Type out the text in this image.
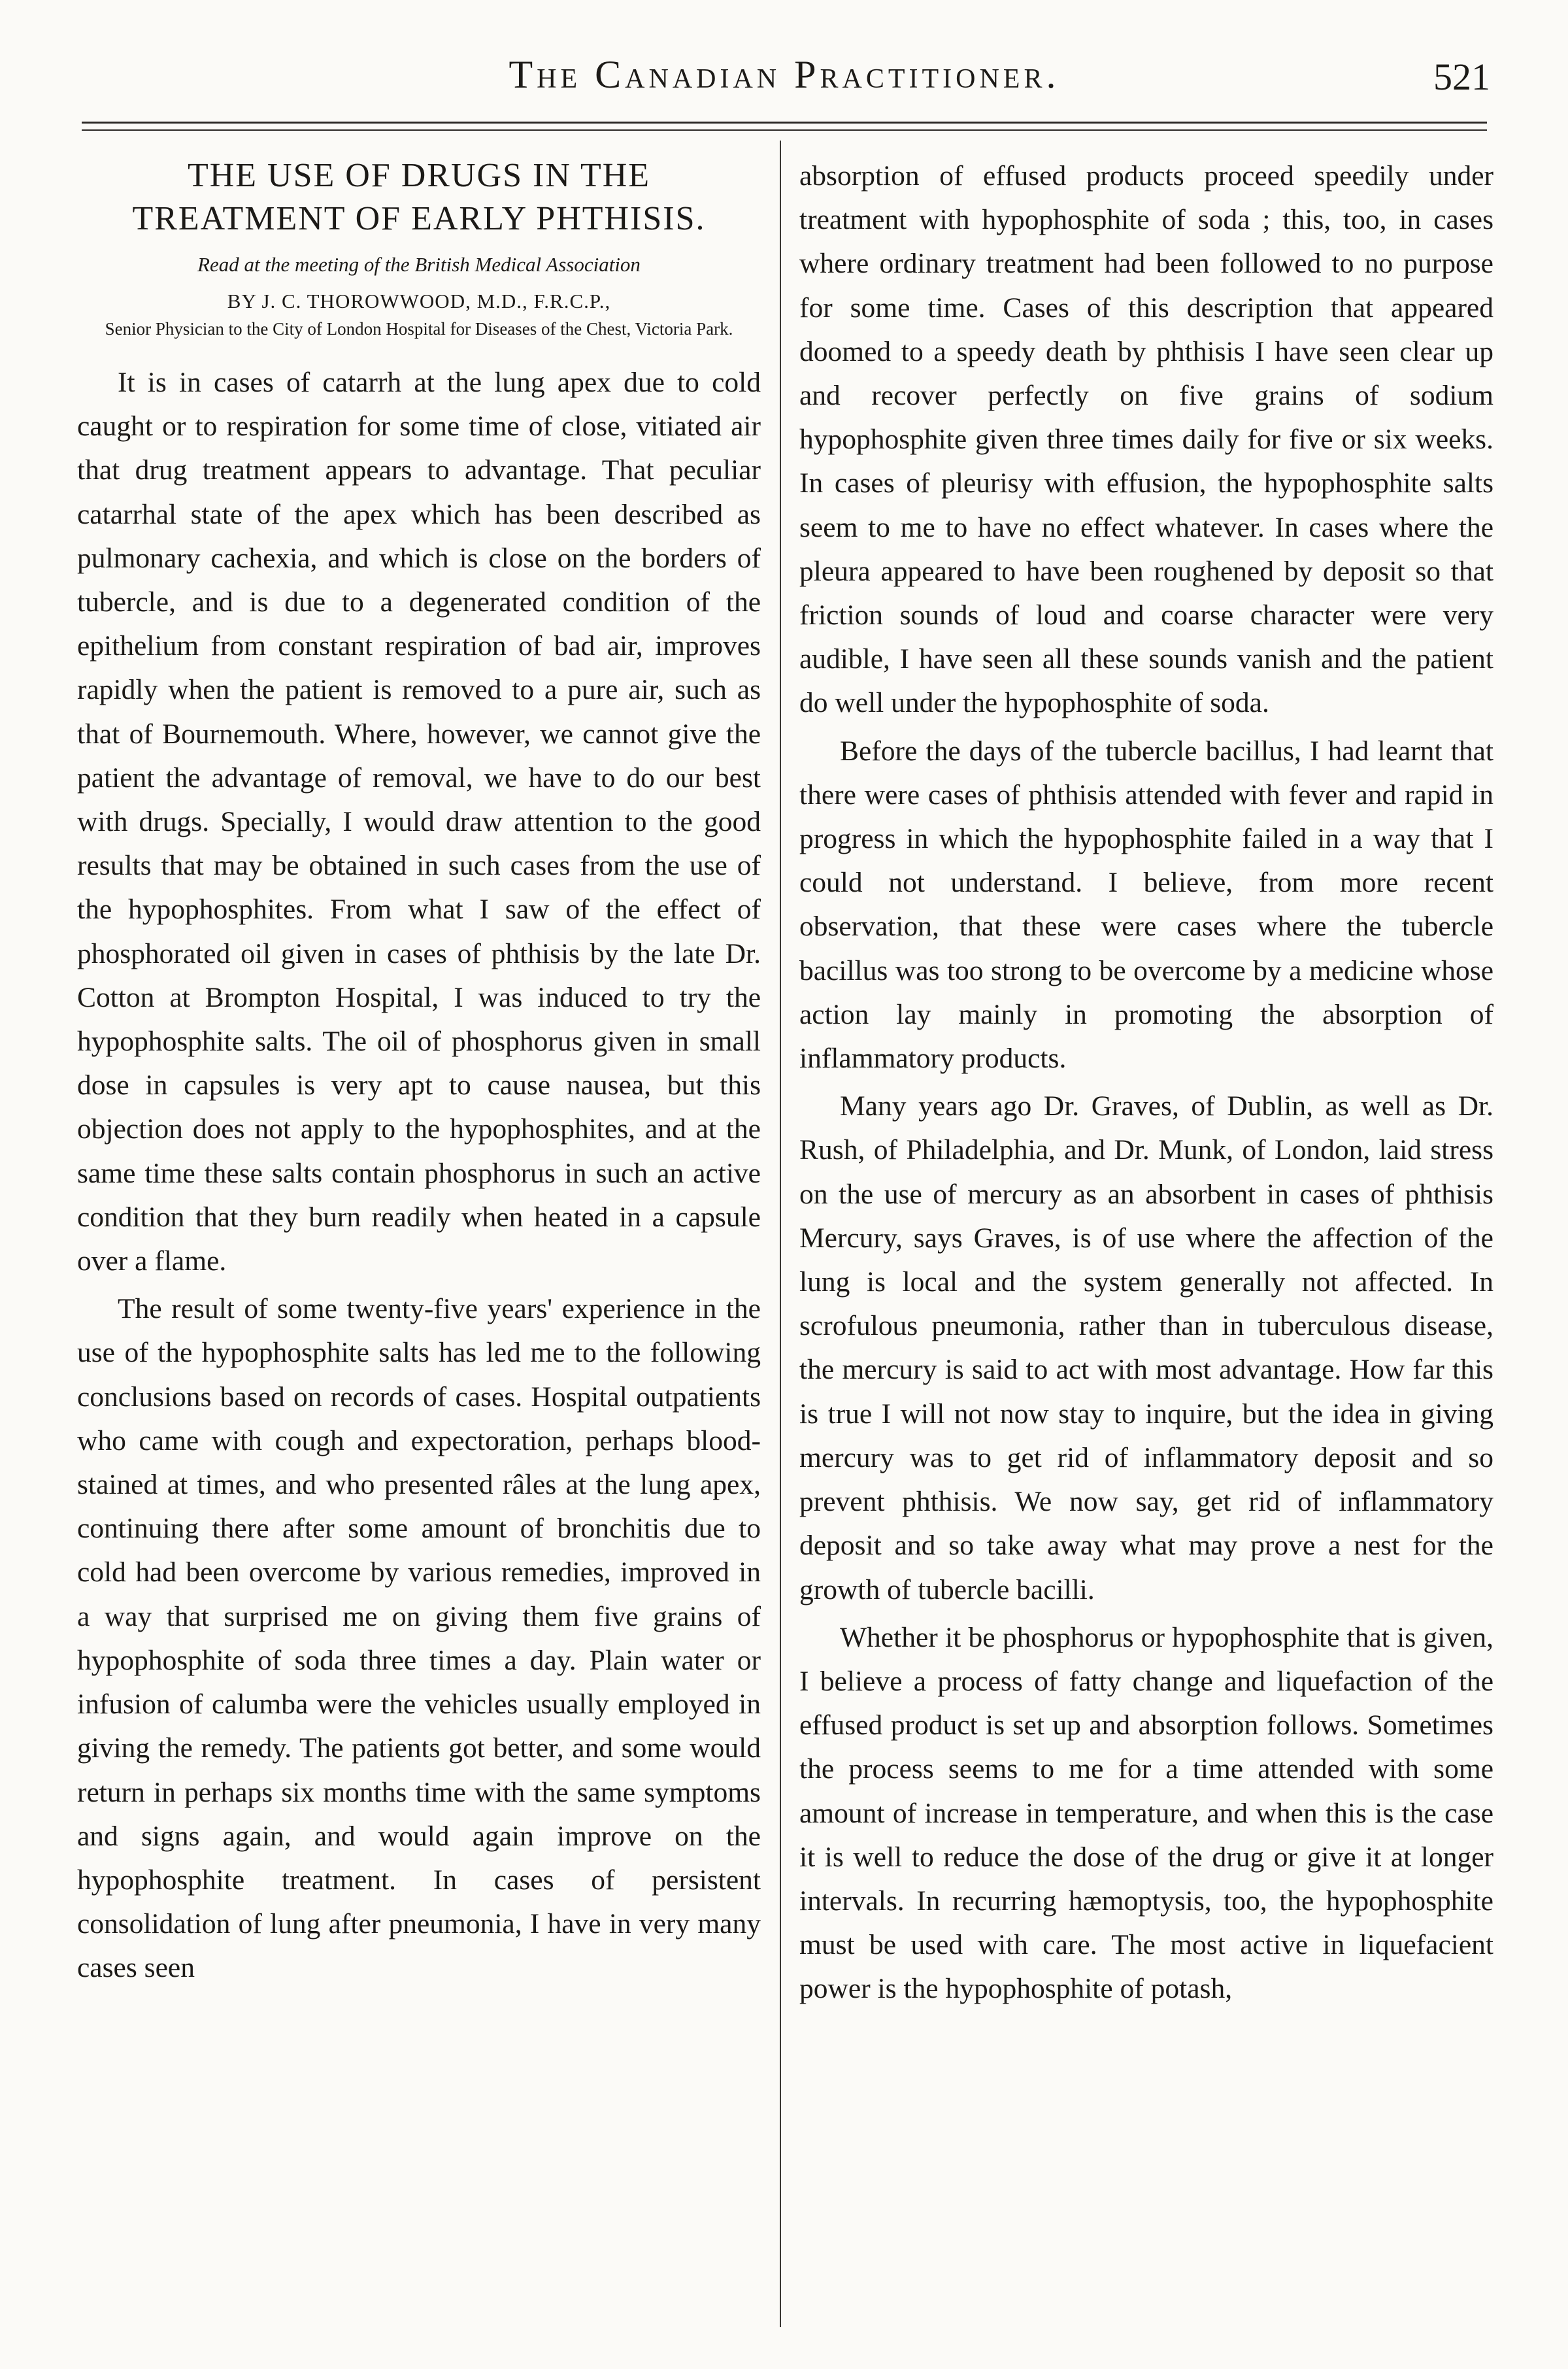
The Canadian Practitioner.	521
THE USE OF DRUGS IN THE TREATMENT OF EARLY PHTHISIS.

Read at the meeting of the British Medical Association

BY J. C. THOROWWOOD, M.D., F.R.C.P.,

Senior Physician to the City of London Hospital for Diseases of the Chest, Victoria Park.

It is in cases of catarrh at the lung apex due to cold caught or to respiration for some time of close, vitiated air that drug treatment appears to advantage. That peculiar catarrhal state of the apex which has been described as pulmonary cachexia, and which is close on the borders of tubercle, and is due to a degenerated condition of the epithelium from constant respiration of bad air, improves rapidly when the patient is removed to a pure air, such as that of Bournemouth. Where, however, we cannot give the patient the advantage of removal, we have to do our best with drugs. Specially, I would draw attention to the good results that may be obtained in such cases from the use of the hypophosphites. From what I saw of the effect of phosphorated oil given in cases of phthisis by the late Dr. Cotton at Brompton Hospital, I was induced to try the hypophosphite salts. The oil of phosphorus given in small dose in capsules is very apt to cause nausea, but this objection does not apply to the hypophosphites, and at the same time these salts contain phosphorus in such an active condition that they burn readily when heated in a capsule over a flame.

The result of some twenty-five years' experience in the use of the hypophosphite salts has led me to the following conclusions based on records of cases. Hospital outpatients who came with cough and expectoration, perhaps blood-stained at times, and who presented râles at the lung apex, continuing there after some amount of bronchitis due to cold had been overcome by various remedies, improved in a way that surprised me on giving them five grains of hypophosphite of soda three times a day. Plain water or infusion of calumba were the vehicles usually employed in giving the remedy. The patients got better, and some would return in perhaps six months time with the same symptoms and signs again, and would again improve on the hypophosphite treatment. In cases of persistent consolidation of lung after pneumonia, I have in very many cases seen

absorption of effused products proceed speedily under treatment with hypophosphite of soda ; this, too, in cases where ordinary treatment had been followed to no purpose for some time. Cases of this description that appeared doomed to a speedy death by phthisis I have seen clear up and recover perfectly on five grains of sodium hypophosphite given three times daily for five or six weeks. In cases of pleurisy with effusion, the hypophosphite salts seem to me to have no effect whatever. In cases where the pleura appeared to have been roughened by deposit so that friction sounds of loud and coarse character were very audible, I have seen all these sounds vanish and the patient do well under the hypophosphite of soda.

Before the days of the tubercle bacillus, I had learnt that there were cases of phthisis attended with fever and rapid in progress in which the hypophosphite failed in a way that I could not understand. I believe, from more recent observation, that these were cases where the tubercle bacillus was too strong to be overcome by a medicine whose action lay mainly in promoting the absorption of inflammatory products.

Many years ago Dr. Graves, of Dublin, as well as Dr. Rush, of Philadelphia, and Dr. Munk, of London, laid stress on the use of mercury as an absorbent in cases of phthisis Mercury, says Graves, is of use where the affection of the lung is local and the system generally not affected. In scrofulous pneumonia, rather than in tuberculous disease, the mercury is said to act with most advantage. How far this is true I will not now stay to inquire, but the idea in giving mercury was to get rid of inflammatory deposit and so prevent phthisis. We now say, get rid of inflammatory deposit and so take away what may prove a nest for the growth of tubercle bacilli.

Whether it be phosphorus or hypophosphite that is given, I believe a process of fatty change and liquefaction of the effused product is set up and absorption follows. Sometimes the process seems to me for a time attended with some amount of increase in temperature, and when this is the case it is well to reduce the dose of the drug or give it at longer intervals. In recurring hæmoptysis, too, the hypophosphite must be used with care. The most active in liquefacient power is the hypophosphite of potash,
